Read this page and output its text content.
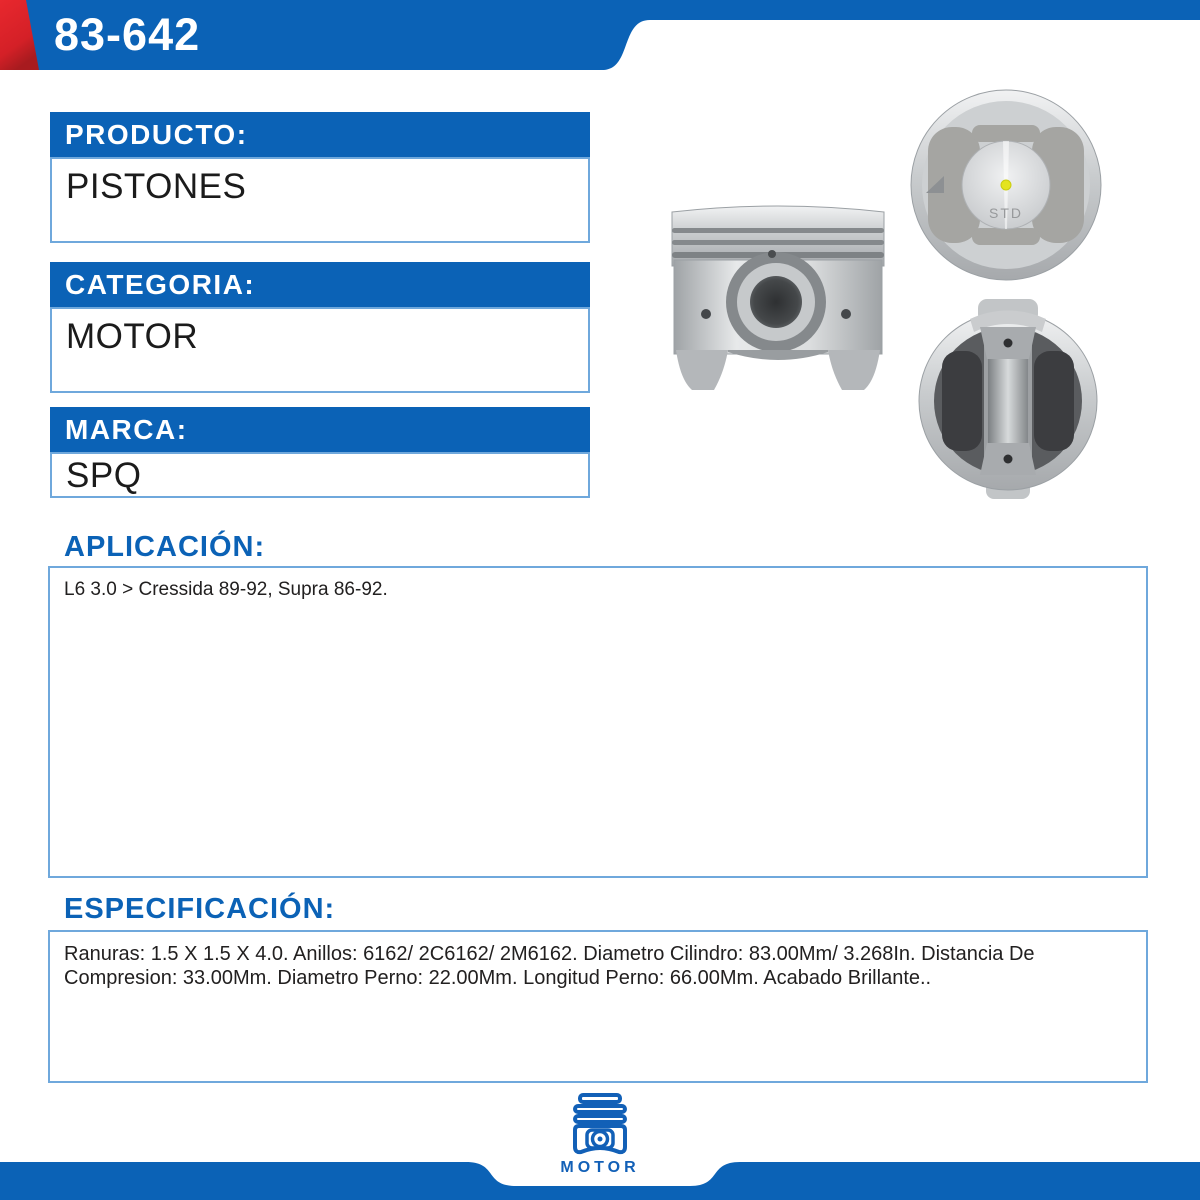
83-642
PRODUCTO:
PISTONES
CATEGORIA:
MOTOR
MARCA:
SPQ
STD
APLICACIÓN:
L6 3.0 > Cressida 89-92, Supra 86-92.
ESPECIFICACIÓN:
Ranuras: 1.5 X 1.5 X 4.0. Anillos: 6162/ 2C6162/ 2M6162. Diametro Cilindro: 83.00Mm/ 3.268In. Distancia De Compresion: 33.00Mm. Diametro Perno: 22.00Mm. Longitud Perno: 66.00Mm. Acabado Brillante..
MOTOR
